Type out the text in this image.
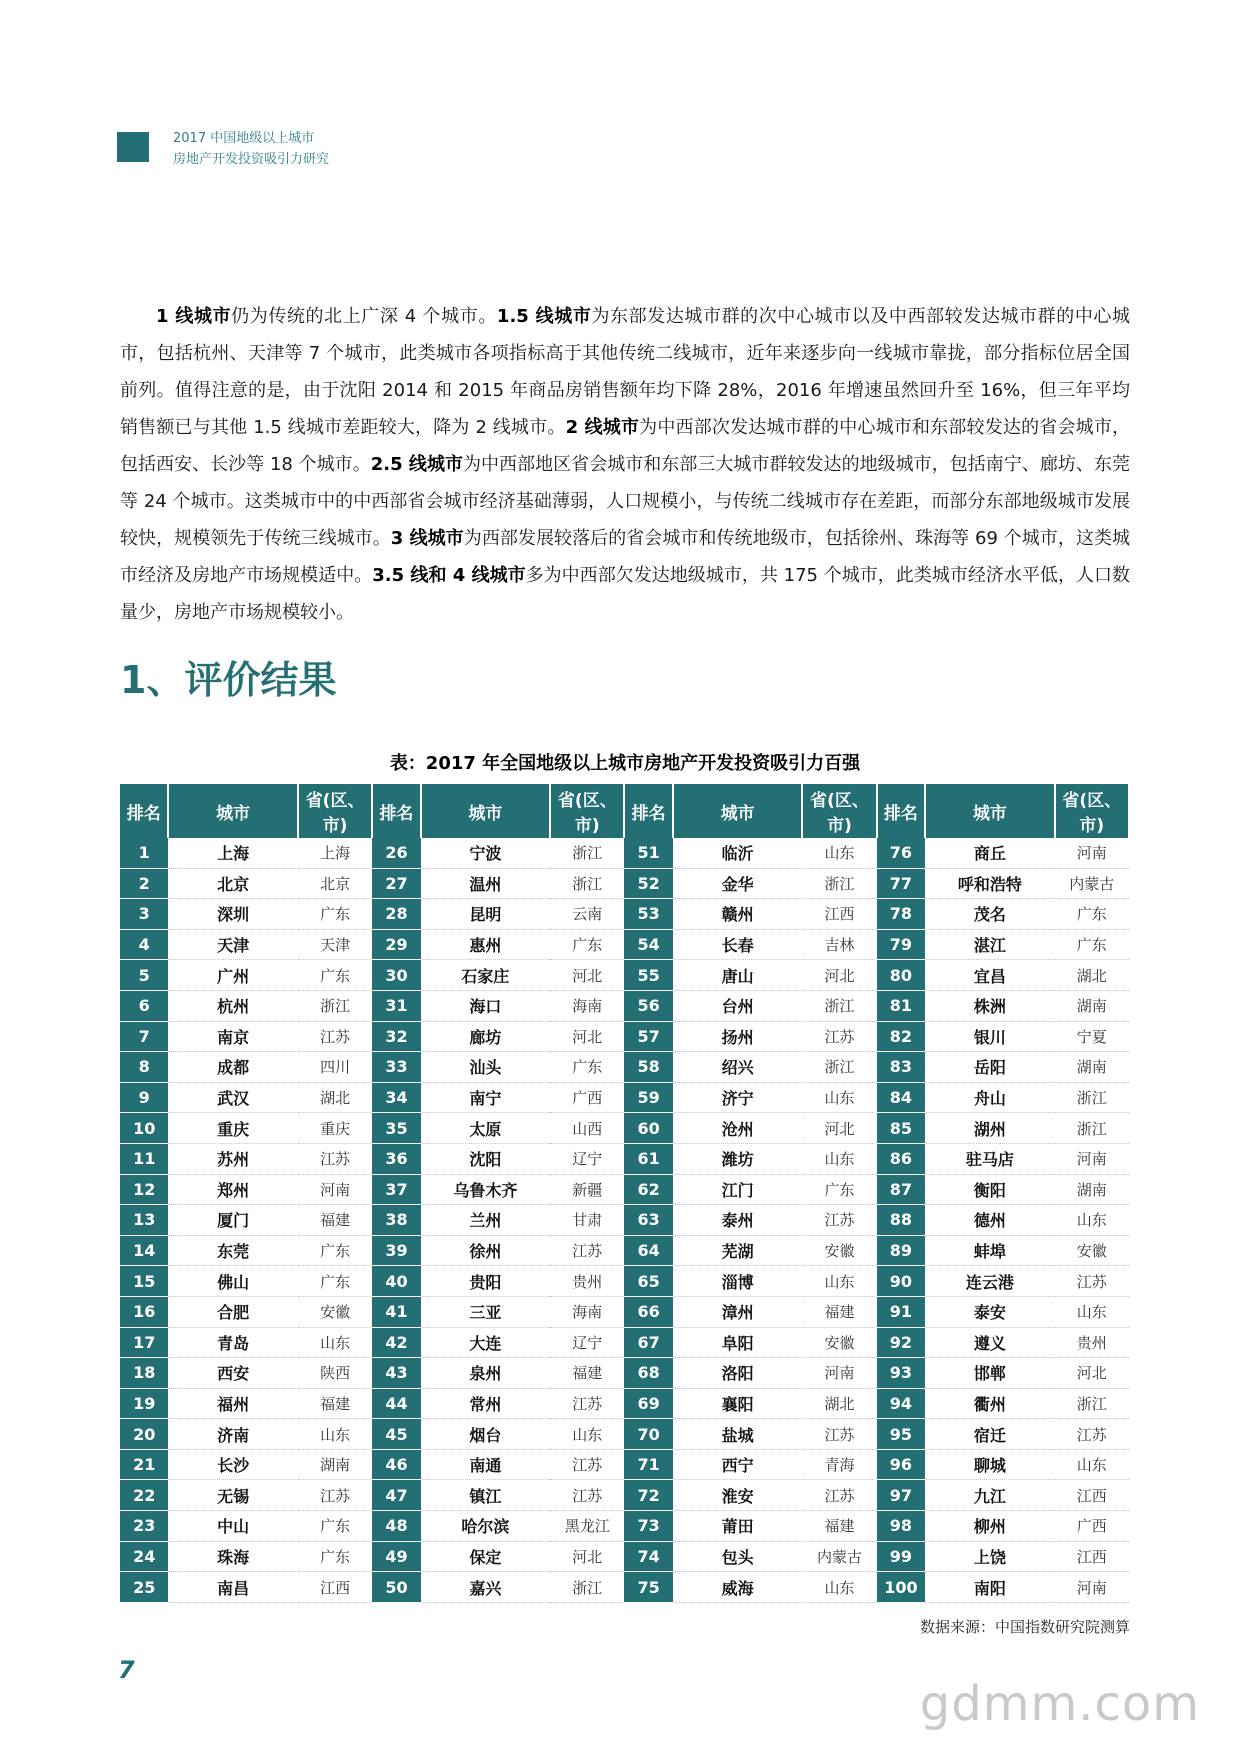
2017 中国地级以上城市
房地产开发投资吸引力研究

1 线城市仍为传统的北上广深 4 个城市。1.5 线城市为东部发达城市群的次中心城市以及中西部较发达城市群的中心城市，包括杭州、天津等 7 个城市，此类城市各项指标高于其他传统二线城市，近年来逐步向一线城市靠拢，部分指标位居全国前列。值得注意的是，由于沈阳 2014 和 2015 年商品房销售额年均下降 28%，2016 年增速虽然回升至 16%，但三年平均销售额已与其他 1.5 线城市差距较大，降为 2 线城市。2 线城市为中西部次发达城市群的中心城市和东部较发达的省会城市，包括西安、长沙等 18 个城市。2.5 线城市为中西部地区省会城市和东部三大城市群较发达的地级城市，包括南宁、廊坊、东莞等 24 个城市。这类城市中的中西部省会城市经济基础薄弱，人口规模小，与传统二线城市存在差距，而部分东部地级城市发展较快，规模领先于传统三线城市。3 线城市为西部发展较落后的省会城市和传统地级市，包括徐州、珠海等 69 个城市，这类城市经济及房地产市场规模适中。3.5 线和 4 线城市多为中西部欠发达地级城市，共 175 个城市，此类城市经济水平低，人口数量少，房地产市场规模较小。

1、评价结果
表：2017 年全国地级以上城市房地产开发投资吸引力百强
排名	城市	省(区、市)	排名	城市	省(区、市)	排名	城市	省(区、市)	排名	城市	省(区、市)
1	上海	上海	26	宁波	浙江	51	临沂	山东	76	商丘	河南
2	北京	北京	27	温州	浙江	52	金华	浙江	77	呼和浩特	内蒙古
3	深圳	广东	28	昆明	云南	53	赣州	江西	78	茂名	广东
4	天津	天津	29	惠州	广东	54	长春	吉林	79	湛江	广东
5	广州	广东	30	石家庄	河北	55	唐山	河北	80	宜昌	湖北
6	杭州	浙江	31	海口	海南	56	台州	浙江	81	株洲	湖南
7	南京	江苏	32	廊坊	河北	57	扬州	江苏	82	银川	宁夏
8	成都	四川	33	汕头	广东	58	绍兴	浙江	83	岳阳	湖南
9	武汉	湖北	34	南宁	广西	59	济宁	山东	84	舟山	浙江
10	重庆	重庆	35	太原	山西	60	沧州	河北	85	湖州	浙江
11	苏州	江苏	36	沈阳	辽宁	61	潍坊	山东	86	驻马店	河南
12	郑州	河南	37	乌鲁木齐	新疆	62	江门	广东	87	衡阳	湖南
13	厦门	福建	38	兰州	甘肃	63	泰州	江苏	88	德州	山东
14	东莞	广东	39	徐州	江苏	64	芜湖	安徽	89	蚌埠	安徽
15	佛山	广东	40	贵阳	贵州	65	淄博	山东	90	连云港	江苏
16	合肥	安徽	41	三亚	海南	66	漳州	福建	91	泰安	山东
17	青岛	山东	42	大连	辽宁	67	阜阳	安徽	92	遵义	贵州
18	西安	陕西	43	泉州	福建	68	洛阳	河南	93	邯郸	河北
19	福州	福建	44	常州	江苏	69	襄阳	湖北	94	衢州	浙江
20	济南	山东	45	烟台	山东	70	盐城	江苏	95	宿迁	江苏
21	长沙	湖南	46	南通	江苏	71	西宁	青海	96	聊城	山东
22	无锡	江苏	47	镇江	江苏	72	淮安	江苏	97	九江	江西
23	中山	广东	48	哈尔滨	黑龙江	73	莆田	福建	98	柳州	广西
24	珠海	广东	49	保定	河北	74	包头	内蒙古	99	上饶	江西
25	南昌	江西	50	嘉兴	浙江	75	威海	山东	100	南阳	河南
数据来源：中国指数研究院测算
7
gdmm.com
